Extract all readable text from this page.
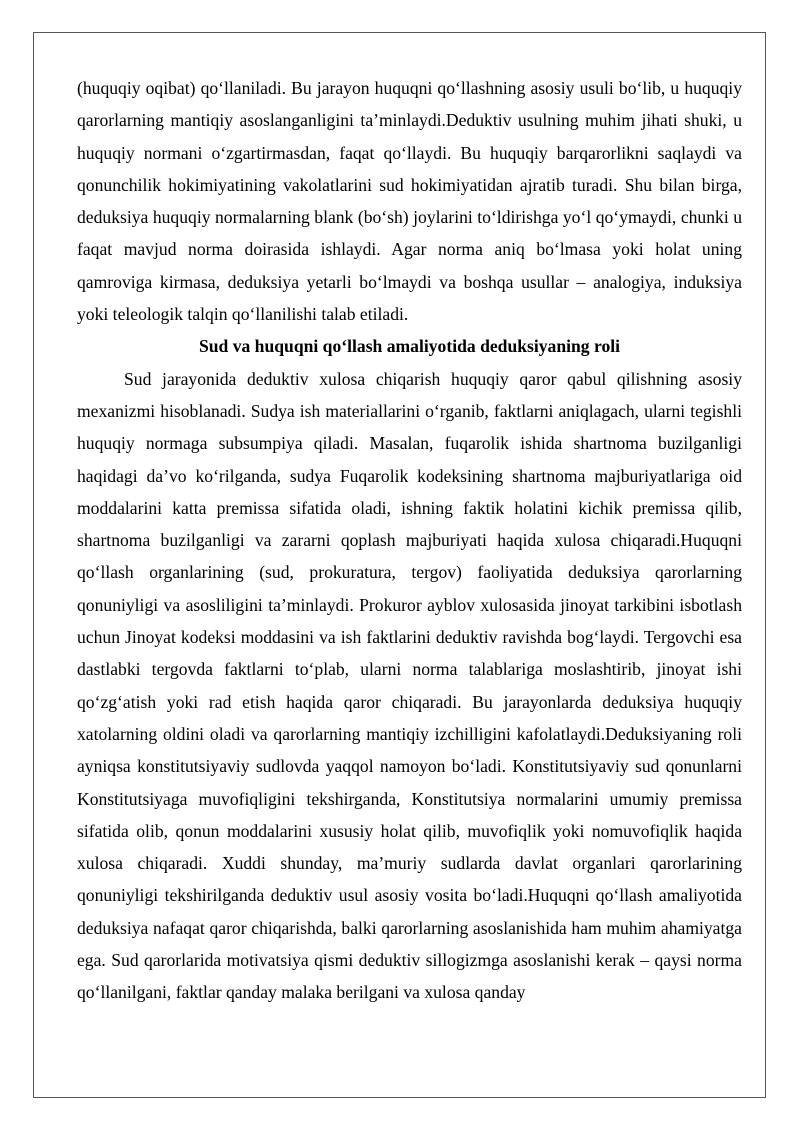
(huquqiy oqibat) qo‘llaniladi. Bu jarayon huquqni qo‘llashning asosiy usuli bo‘lib, u huquqiy qarorlarning mantiqiy asoslanganligini ta’minlaydi.Deduktiv usulning muhim jihati shuki, u huquqiy normani o‘zgartirmasdan, faqat qo‘llaydi. Bu huquqiy barqarorlikni saqlaydi va qonunchilik hokimiyatining vakolatlarini sud hokimiyatidan ajratib turadi. Shu bilan birga, deduksiya huquqiy normalarning blank (bo‘sh) joylarini to‘ldirishga yo‘l qo‘ymaydi, chunki u faqat mavjud norma doirasida ishlaydi. Agar norma aniq bo‘lmasa yoki holat uning qamroviga kirmasa, deduksiya yetarli bo‘lmaydi va boshqa usullar – analogiya, induksiya yoki teleologik talqin qo‘llanilishi talab etiladi.

Sud va huquqni qo‘llash amaliyotida deduksiyaning roli

Sud jarayonida deduktiv xulosa chiqarish huquqiy qaror qabul qilishning asosiy mexanizmi hisoblanadi. Sudya ish materiallarini o‘rganib, faktlarni aniqlagach, ularni tegishli huquqiy normaga subsumpiya qiladi. Masalan, fuqarolik ishida shartnoma buzilganligi haqidagi da’vo ko‘rilganda, sudya Fuqarolik kodeksining shartnoma majburiyatlariga oid moddalarini katta premissa sifatida oladi, ishning faktik holatini kichik premissa qilib, shartnoma buzilganligi va zararni qoplash majburiyati haqida xulosa chiqaradi.Huquqni qo‘llash organlarining (sud, prokuratura, tergov) faoliyatida deduksiya qarorlarning qonuniyligi va asosliligini ta’minlaydi. Prokuror ayblov xulosasida jinoyat tarkibini isbotlash uchun Jinoyat kodeksi moddasini va ish faktlarini deduktiv ravishda bog‘laydi. Tergovchi esa dastlabki tergovda faktlarni to‘plab, ularni norma talablariga moslashtirib, jinoyat ishi qo‘zg‘atish yoki rad etish haqida qaror chiqaradi. Bu jarayonlarda deduksiya huquqiy xatolarning oldini oladi va qarorlarning mantiqiy izchilligini kafolatlaydi.Deduksiyaning roli ayniqsa konstitutsiyaviy sudlovda yaqqol namoyon bo‘ladi. Konstitutsiyaviy sud qonunlarni Konstitutsiyaga muvofiqligini tekshirganda, Konstitutsiya normalarini umumiy premissa sifatida olib, qonun moddalarini xususiy holat qilib, muvofiqlik yoki nomuvofiqlik haqida xulosa chiqaradi. Xuddi shunday, ma’muriy sudlarda davlat organlari qarorlarining qonuniyligi tekshirilganda deduktiv usul asosiy vosita bo‘ladi.Huquqni qo‘llash amaliyotida deduksiya nafaqat qaror chiqarishda, balki qarorlarning asoslanishida ham muhim ahamiyatga ega. Sud qarorlarida motivatsiya qismi deduktiv sillogizmga asoslanishi kerak – qaysi norma qo‘llanilgani, faktlar qanday malaka berilgani va xulosa qanday
